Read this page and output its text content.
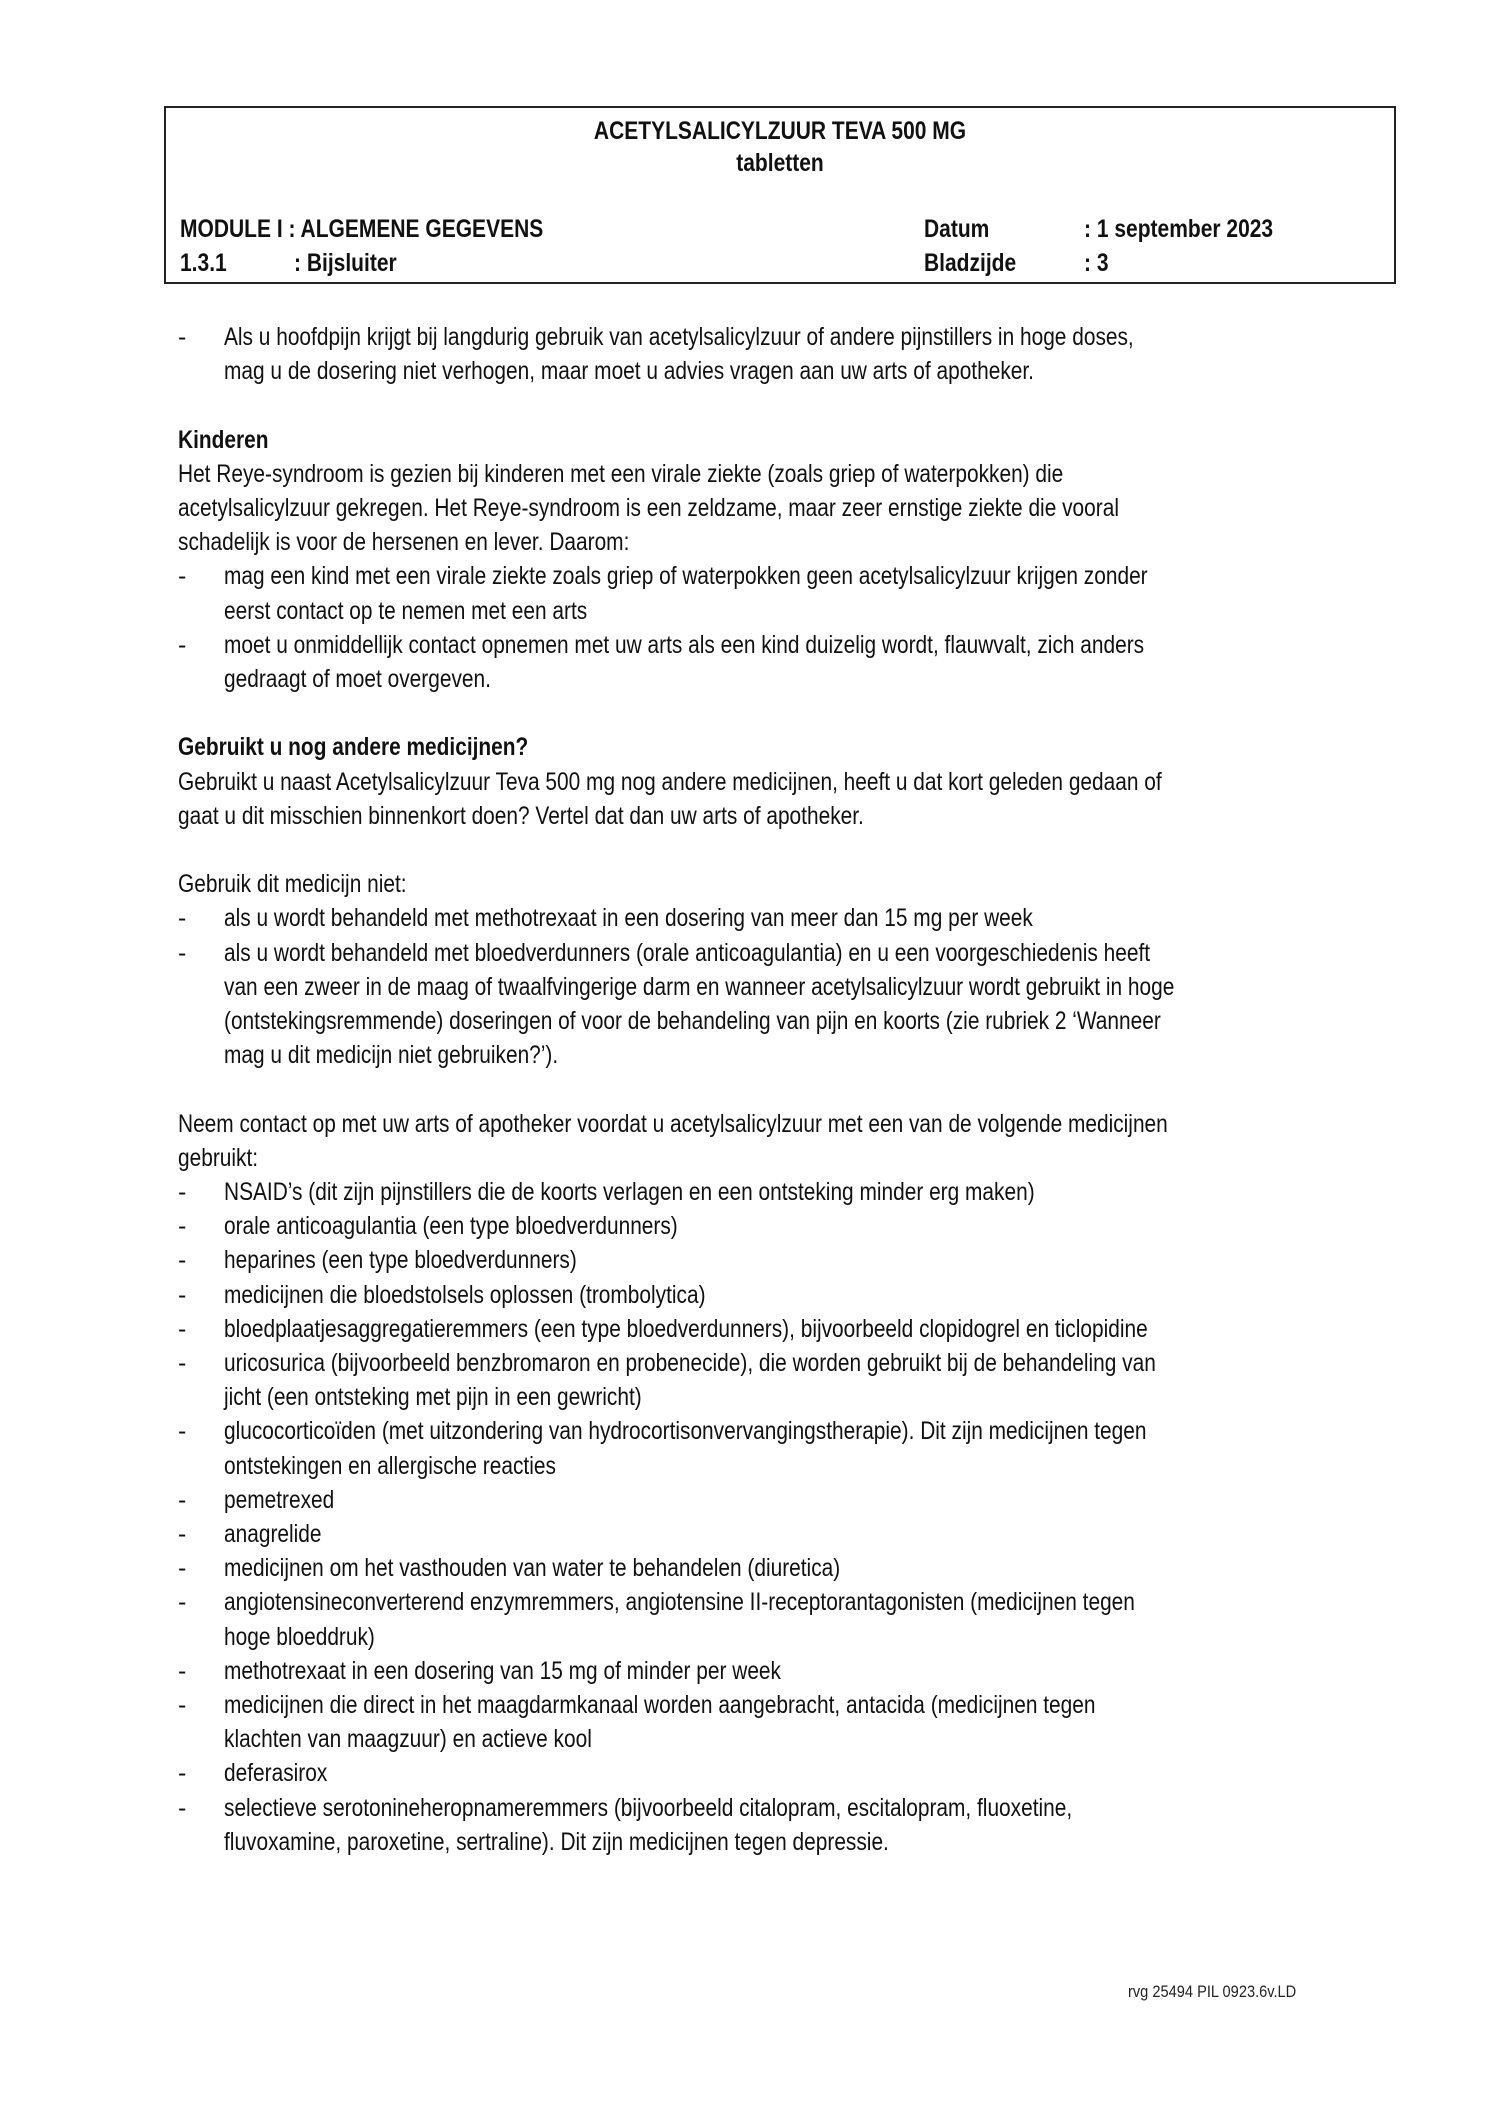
ACETYLSALICYLZUUR TEVA 500 MG
tabletten
MODULE I : ALGEMENE GEGEVENS
1.3.1	: Bijsluiter
Datum	: 1 september 2023
Bladzijde	: 3
- Als u hoofdpijn krijgt bij langdurig gebruik van acetylsalicylzuur of andere pijnstillers in hoge doses,
mag u de dosering niet verhogen, maar moet u advies vragen aan uw arts of apotheker.
Kinderen
Het Reye-syndroom is gezien bij kinderen met een virale ziekte (zoals griep of waterpokken) die
acetylsalicylzuur gekregen. Het Reye-syndroom is een zeldzame, maar zeer ernstige ziekte die vooral
schadelijk is voor de hersenen en lever. Daarom:
- mag een kind met een virale ziekte zoals griep of waterpokken geen acetylsalicylzuur krijgen zonder
eerst contact op te nemen met een arts
- moet u onmiddellijk contact opnemen met uw arts als een kind duizelig wordt, flauwvalt, zich anders
gedraagt of moet overgeven.
Gebruikt u nog andere medicijnen?
Gebruikt u naast Acetylsalicylzuur Teva 500 mg nog andere medicijnen, heeft u dat kort geleden gedaan of
gaat u dit misschien binnenkort doen? Vertel dat dan uw arts of apotheker.
Gebruik dit medicijn niet:
- als u wordt behandeld met methotrexaat in een dosering van meer dan 15 mg per week
- als u wordt behandeld met bloedverdunners (orale anticoagulantia) en u een voorgeschiedenis heeft
van een zweer in de maag of twaalfvingerige darm en wanneer acetylsalicylzuur wordt gebruikt in hoge
(ontstekingsremmende) doseringen of voor de behandeling van pijn en koorts (zie rubriek 2 ‘Wanneer
mag u dit medicijn niet gebruiken?’).
Neem contact op met uw arts of apotheker voordat u acetylsalicylzuur met een van de volgende medicijnen
gebruikt:
- NSAID’s (dit zijn pijnstillers die de koorts verlagen en een ontsteking minder erg maken)
- orale anticoagulantia (een type bloedverdunners)
- heparines (een type bloedverdunners)
- medicijnen die bloedstolsels oplossen (trombolytica)
- bloedplaatjesaggregatieremmers (een type bloedverdunners), bijvoorbeeld clopidogrel en ticlopidine
- uricosurica (bijvoorbeeld benzbromaron en probenecide), die worden gebruikt bij de behandeling van
jicht (een ontsteking met pijn in een gewricht)
- glucocorticoïden (met uitzondering van hydrocortisonvervangingstherapie). Dit zijn medicijnen tegen
ontstekingen en allergische reacties
- pemetrexed
- anagrelide
- medicijnen om het vasthouden van water te behandelen (diuretica)
- angiotensineconverterend enzymremmers, angiotensine II-receptorantagonisten (medicijnen tegen
hoge bloeddruk)
- methotrexaat in een dosering van 15 mg of minder per week
- medicijnen die direct in het maagdarmkanaal worden aangebracht, antacida (medicijnen tegen
klachten van maagzuur) en actieve kool
- deferasirox
- selectieve serotonineheropnameremmers (bijvoorbeeld citalopram, escitalopram, fluoxetine,
fluvoxamine, paroxetine, sertraline). Dit zijn medicijnen tegen depressie.
rvg 25494 PIL 0923.6v.LD
